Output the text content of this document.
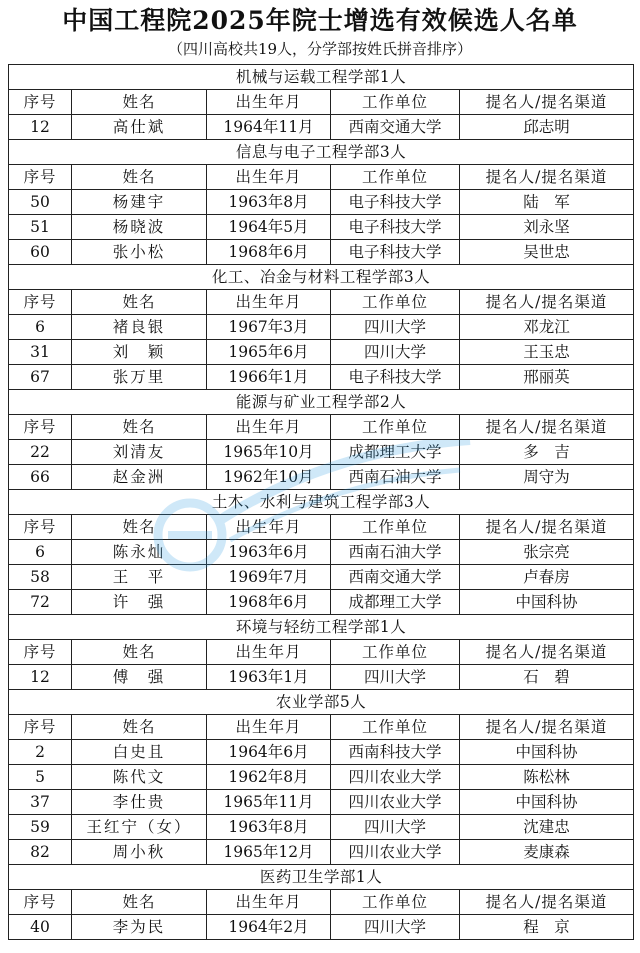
中国工程院2025年院士增选有效候选人名单
（四川高校共19人，分学部按姓氏拼音排序）
机械与运载工程学部1人				
序号	姓名	出生年月	工作单位	提名人/提名渠道
12	高仕斌	1964年11月	西南交通大学	邱志明
信息与电子工程学部3人				
序号	姓名	出生年月	工作单位	提名人/提名渠道
50	杨建宇	1963年8月	电子科技大学	陆　军
51	杨晓波	1964年5月	电子科技大学	刘永坚
60	张小松	1968年6月	电子科技大学	吴世忠
化工、冶金与材料工程学部3人				
序号	姓名	出生年月	工作单位	提名人/提名渠道
6	褚良银	1967年3月	四川大学	邓龙江
31	刘　颖	1965年6月	四川大学	王玉忠
67	张万里	1966年1月	电子科技大学	邢丽英
能源与矿业工程学部2人				
序号	姓名	出生年月	工作单位	提名人/提名渠道
22	刘清友	1965年10月	成都理工大学	多　吉
66	赵金洲	1962年10月	西南石油大学	周守为
土木、水利与建筑工程学部3人				
序号	姓名	出生年月	工作单位	提名人/提名渠道
6	陈永灿	1963年6月	西南石油大学	张宗亮
58	王　平	1969年7月	西南交通大学	卢春房
72	许　强	1968年6月	成都理工大学	中国科协
环境与轻纺工程学部1人				
序号	姓名	出生年月	工作单位	提名人/提名渠道
12	傅　强	1963年1月	四川大学	石　碧
农业学部5人				
序号	姓名	出生年月	工作单位	提名人/提名渠道
2	白史且	1964年6月	西南科技大学	中国科协
5	陈代文	1962年8月	四川农业大学	陈松林
37	李仕贵	1965年11月	四川农业大学	中国科协
59	王红宁（女）	1963年8月	四川大学	沈建忠
82	周小秋	1965年12月	四川农业大学	麦康森
医药卫生学部1人				
序号	姓名	出生年月	工作单位	提名人/提名渠道
40	李为民	1964年2月	四川大学	程　京
